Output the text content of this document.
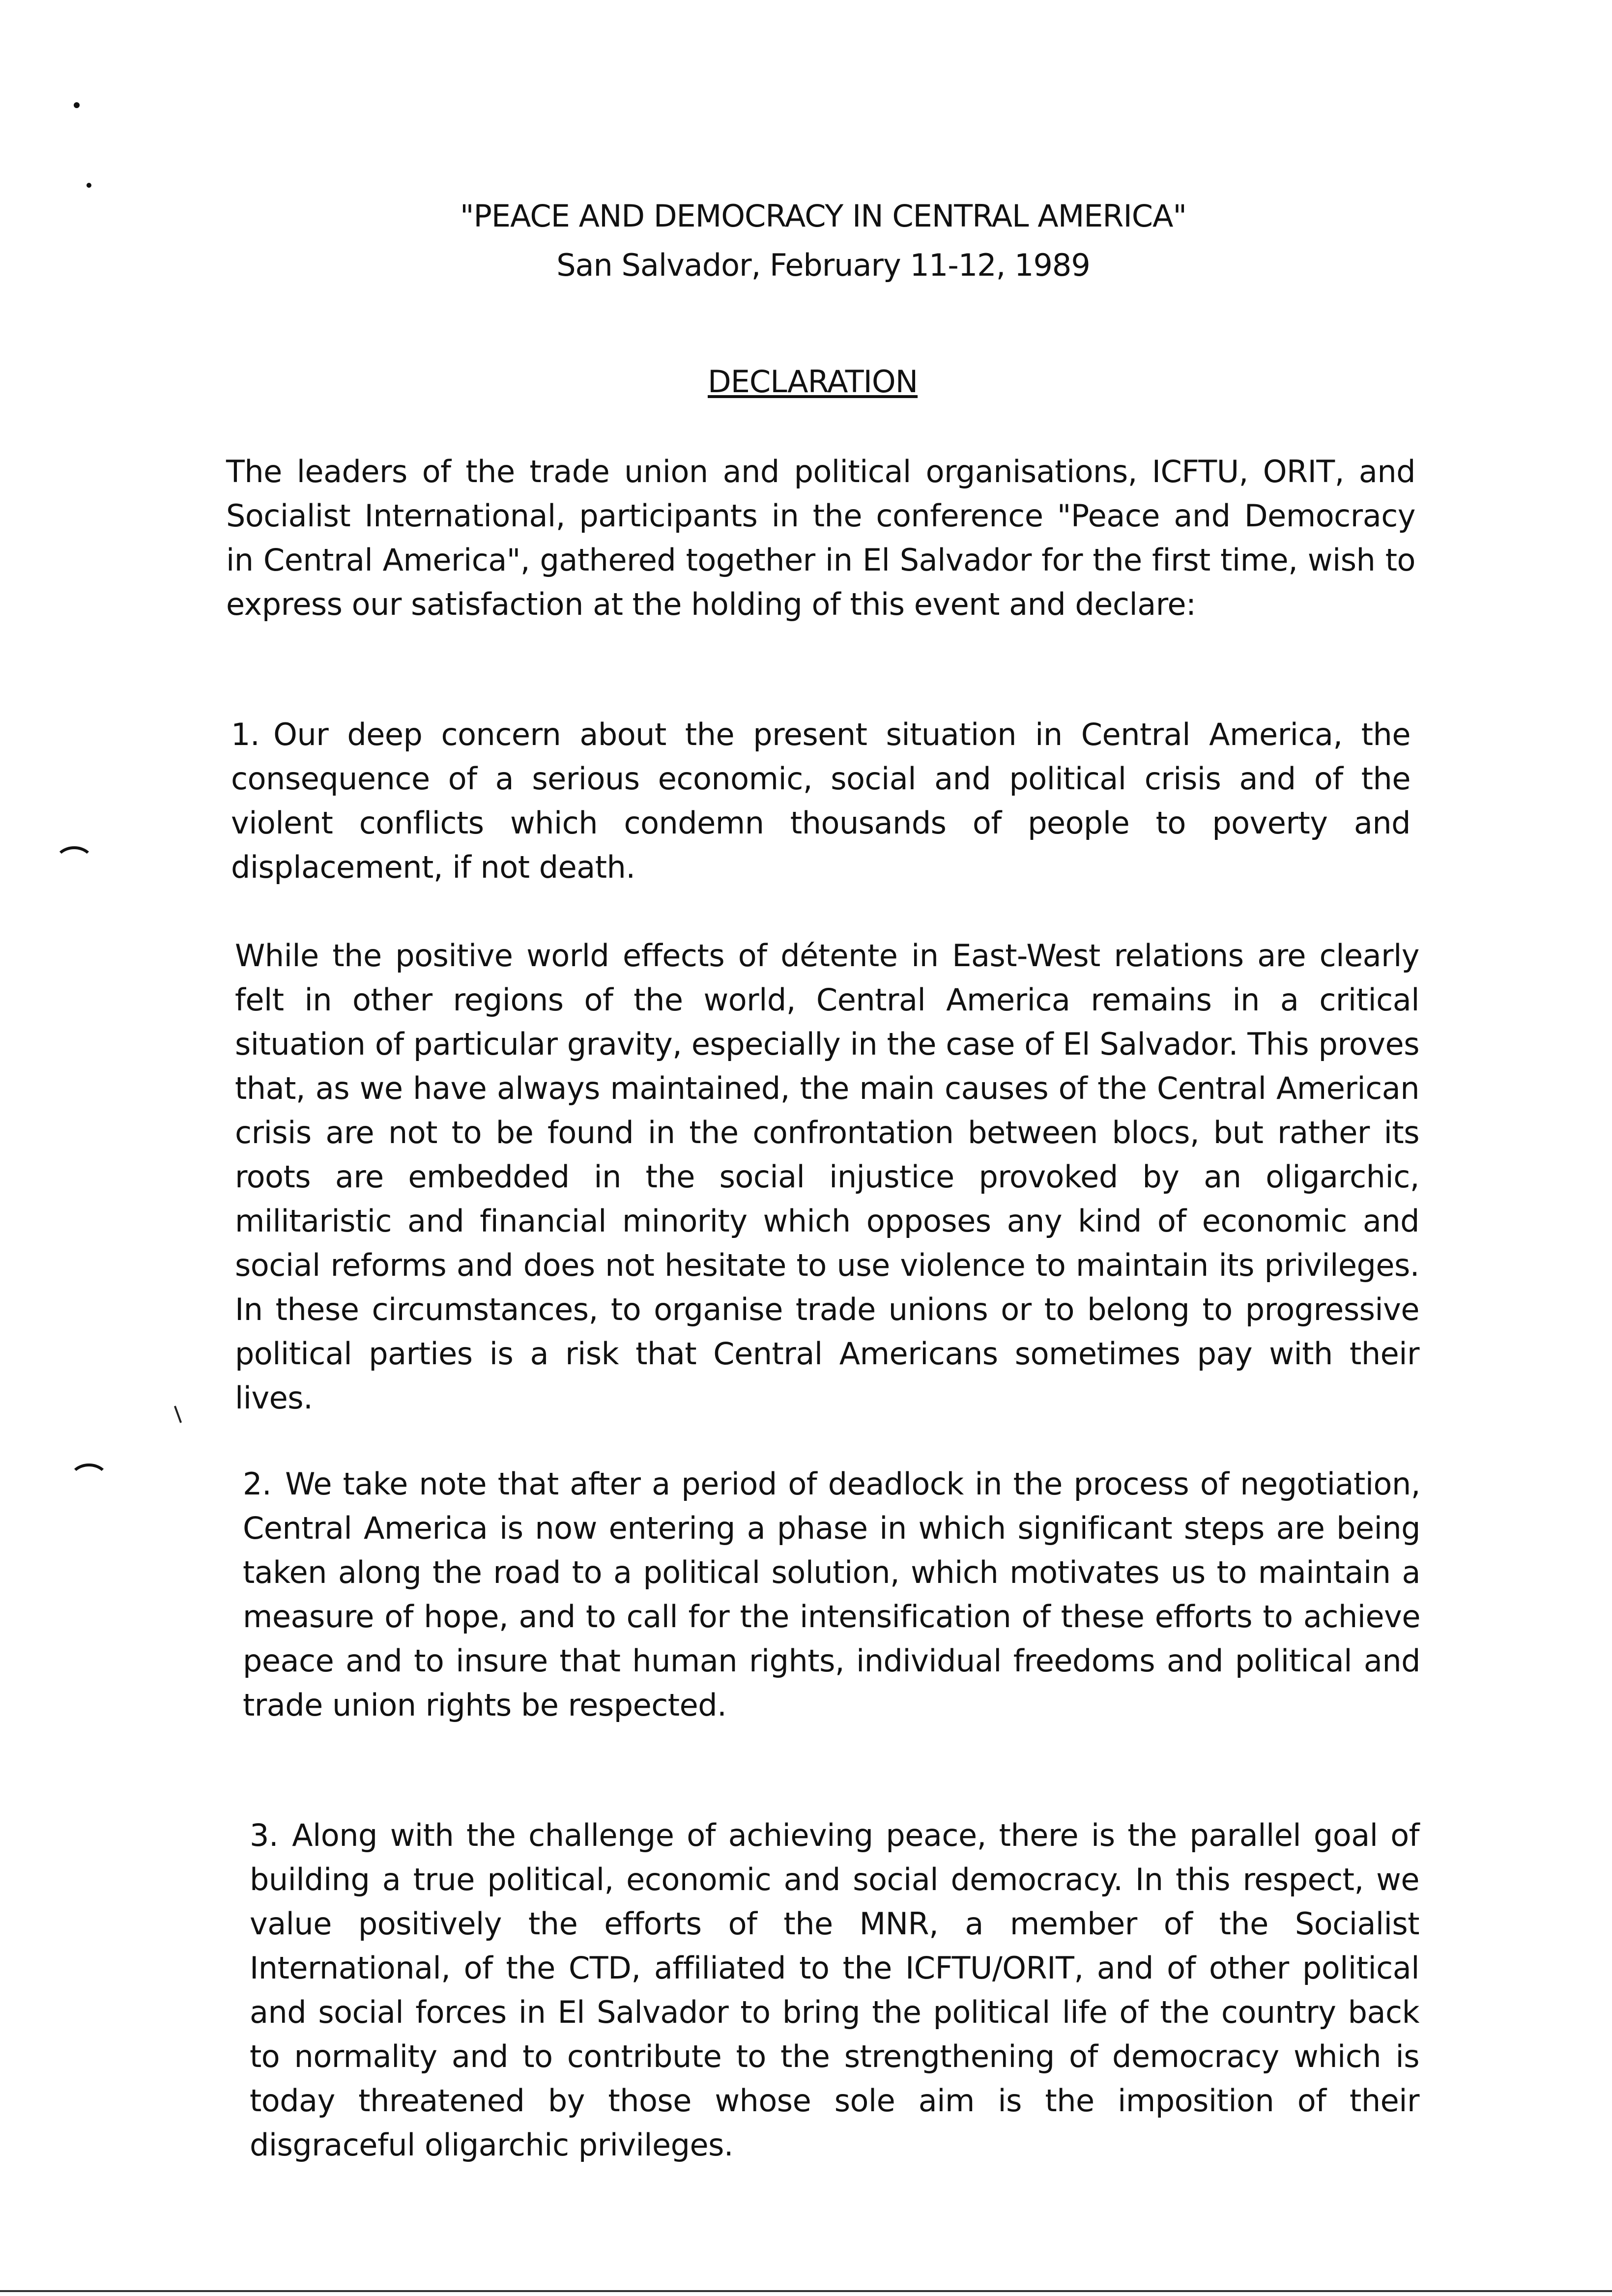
"PEACE AND DEMOCRACY IN CENTRAL AMERICA"
San Salvador, February 11-12, 1989
DECLARATION
The leaders of the trade union and political organisations, ICFTU, ORIT, and Socialist International, participants in the conference "Peace and Democracy in Central America", gathered together in El Salvador for the first time, wish to express our satisfaction at the holding of this event and declare:
1. Our deep concern about the present situation in Central America, the consequence of a serious economic, social and political crisis and of the violent conflicts which condemn thousands of people to poverty and displacement, if not death.
While the positive world effects of détente in East-West relations are clearly felt in other regions of the world, Central America remains in a critical situation of particular gravity, especially in the case of El Salvador. This proves that, as we have always maintained, the main causes of the Central American crisis are not to be found in the confrontation between blocs, but rather its roots are embedded in the social injustice provoked by an oligarchic, militaristic and financial minority which opposes any kind of economic and social reforms and does not hesitate to use violence to maintain its privileges. In these circumstances, to organise trade unions or to belong to progressive political parties is a risk that Central Americans sometimes pay with their lives.
2. We take note that after a period of deadlock in the process of negotiation, Central America is now entering a phase in which significant steps are being taken along the road to a political solution, which motivates us to maintain a measure of hope, and to call for the intensification of these efforts to achieve peace and to insure that human rights, individual freedoms and political and trade union rights be respected.
3. Along with the challenge of achieving peace, there is the parallel goal of building a true political, economic and social democracy. In this respect, we value positively the efforts of the MNR, a member of the Socialist International, of the CTD, affiliated to the ICFTU/ORIT, and of other political and social forces in El Salvador to bring the political life of the country back to normality and to contribute to the strengthening of democracy which is today threatened by those whose sole aim is the imposition of their disgraceful oligarchic privileges.
